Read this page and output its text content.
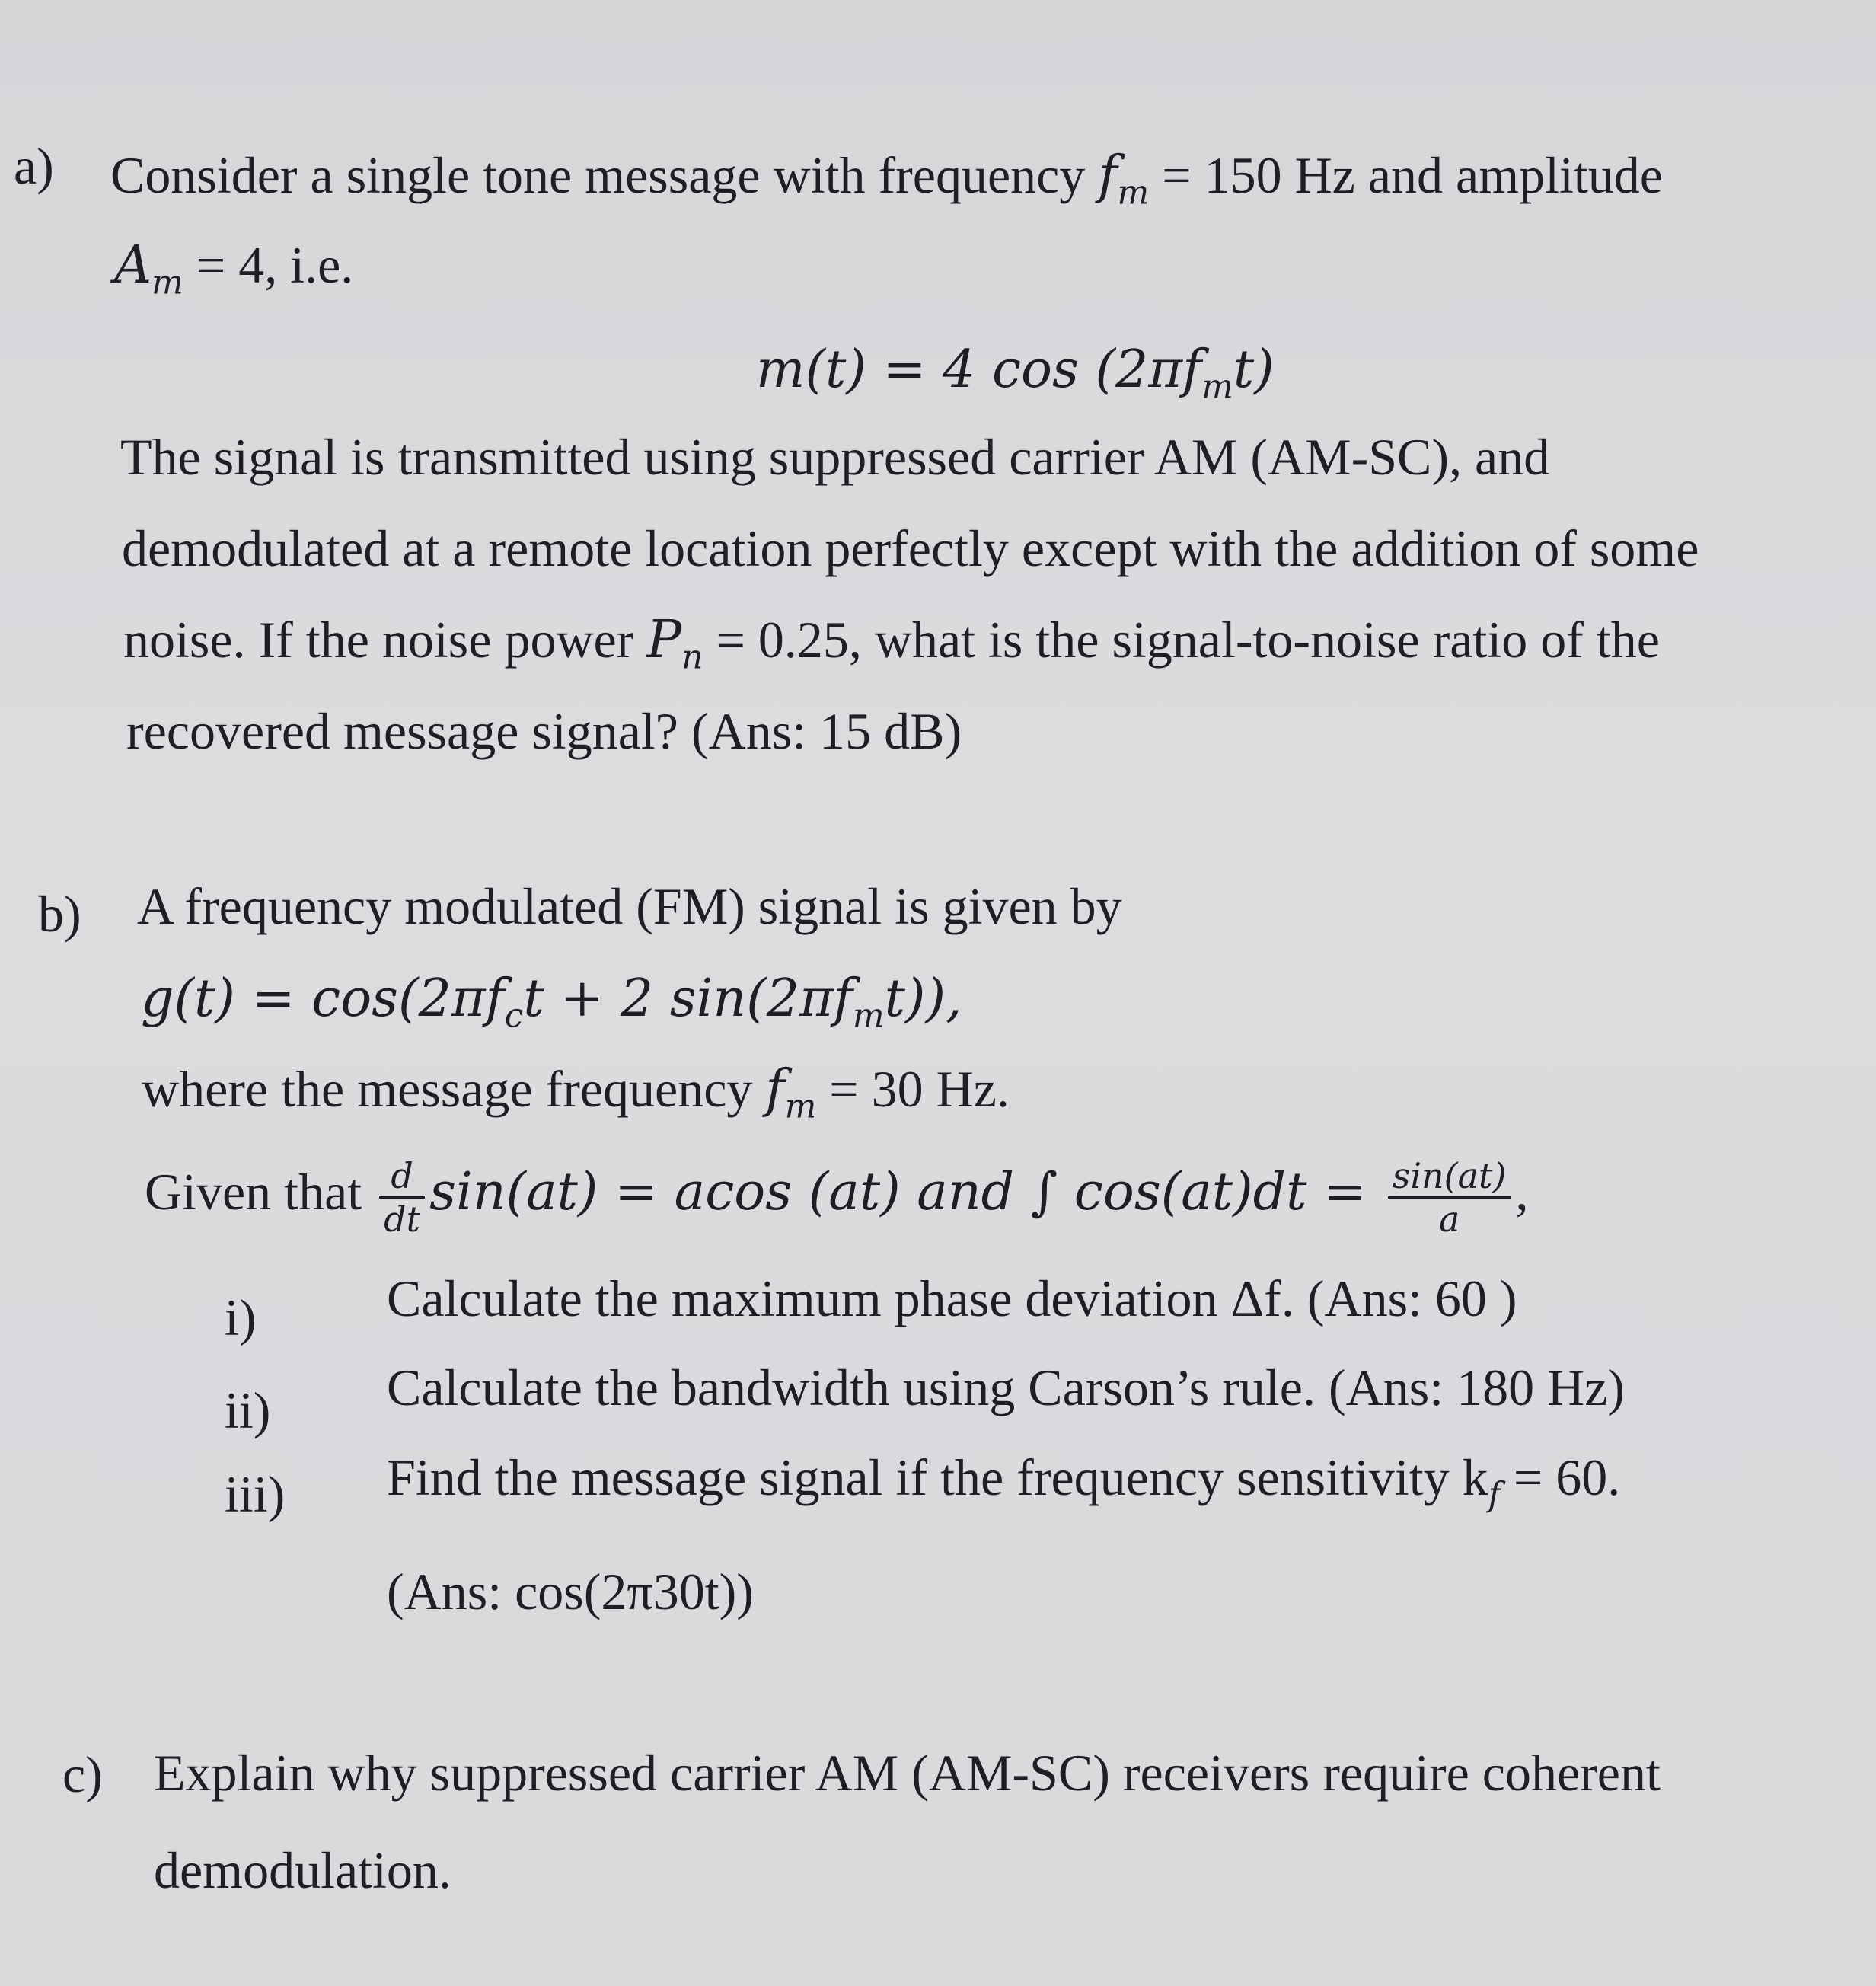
a) Consider a single tone message with frequency $f_m = 150$ Hz and amplitude
$A_m = 4$, i.e.
m(t) = 4 $\cos (2\pi f_mt)$
The signal is transmitted using suppressed carrier AM (AM-SC), and
demodulated at a remote location perfectly except with the addition of some
noise. If the noise power $P_n = 0.25$, what is the signal-to-noise ratio of the
recovered message signal? (Ans: 15 dB)
b) A frequency modulated (FM) signal is given by
$g(t) = \cos(2\pi f_ct + 2$ $\sin(2\pi f_mt)$),
where the message frequency $f_m = 30$ Hz.
Given that $\frac{d}{dt} \sin(at) = acos$ (at) and ∫ $\cos(at)dt = \frac{\sin(at)}{a}$ ,
i)	Calculate the maximum phase deviation Δf. (Ans: 60 )
ii) Calculate the bandwidth using Carson’s rule. (Ans: 180 Hz)
iii) Find the message signal if the frequency sensitivity $k_f = 60$.
(Ans: cos(2π30t))
c) Explain why suppressed carrier AM (AM-SC) receivers require coherent
demodulation.
